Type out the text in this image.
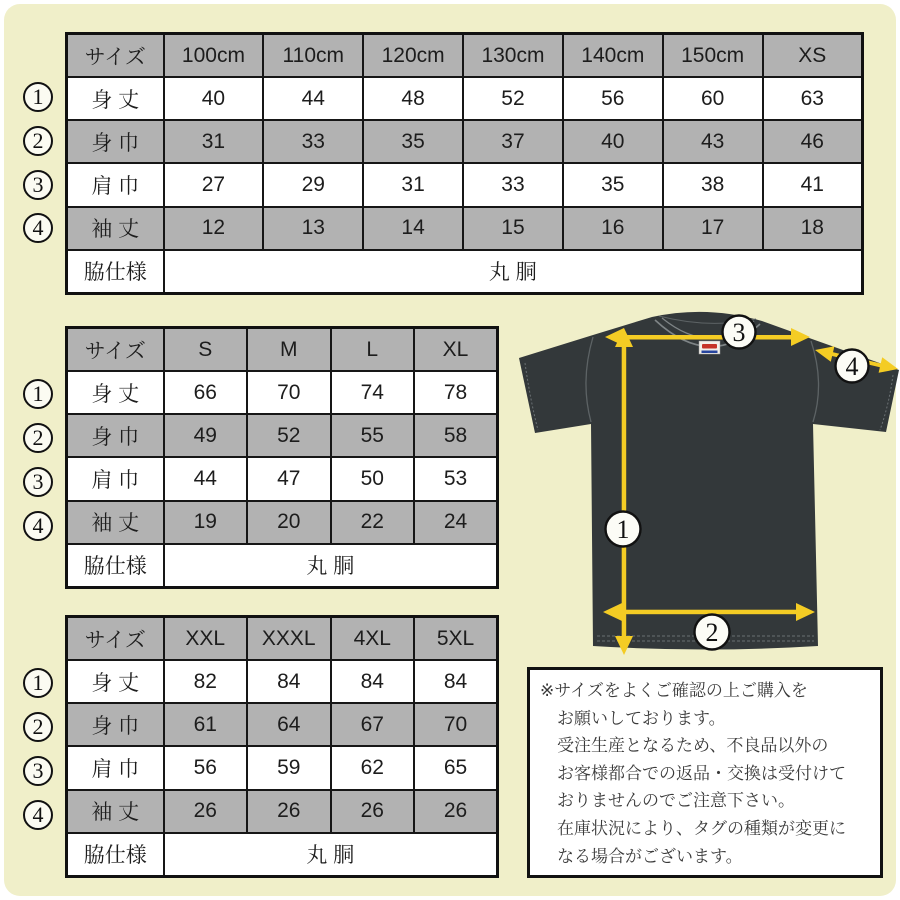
サイズ	100cm	110cm	120cm	130cm	140cm	150cm	XS
身 丈	40	44	48	52	56	60	63
身 巾	31	33	35	37	40	43	46
肩 巾	27	29	31	33	35	38	41
袖 丈	12	13	14	15	16	17	18
脇仕様	丸 胴						
1
2
3
4
サイズ	S	M	L	XL
身 丈	66	70	74	78
身 巾	49	52	55	58
肩 巾	44	47	50	53
袖 丈	19	20	22	24
脇仕様	丸 胴			
1
2
3
4
サイズ	XXL	XXXL	4XL	5XL
身 丈	82	84	84	84
身 巾	61	64	67	70
肩 巾	56	59	62	65
袖 丈	26	26	26	26
脇仕様	丸 胴			
1
2
3
4
3
4
1
2
※サイズをよくご確認の上ご購入を
お願いしております。
受注生産となるため、不良品以外の
お客様都合での返品・交換は受付けて
おりませんのでご注意下さい。
在庫状況により、タグの種類が変更に
なる場合がございます。
